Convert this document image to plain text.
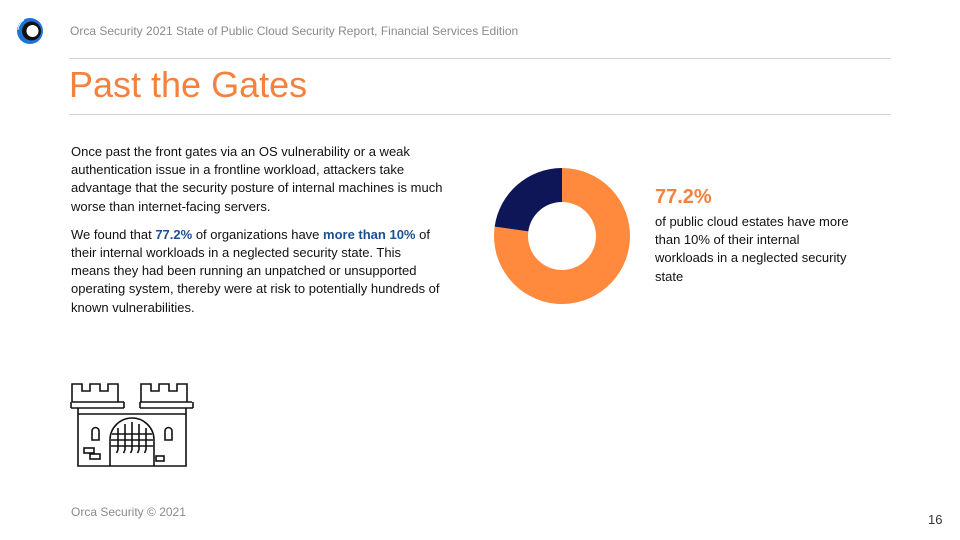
Orca Security 2021 State of Public Cloud Security Report, Financial Services Edition
Past the Gates

Once past the front gates via an OS vulnerability or a weak authentication issue in a frontline workload, attackers take advantage that the security posture of internal machines is much worse than internet-facing servers.

We found that 77.2% of organizations have more than 10% of their internal workloads in a neglected security state. This means they had been running an unpatched or unsupported operating system, thereby were at risk to potentially hundreds of known vulnerabilities.

77.2%
of public cloud estates have more than 10% of their internal workloads in a neglected security state
Orca Security © 2021	16
